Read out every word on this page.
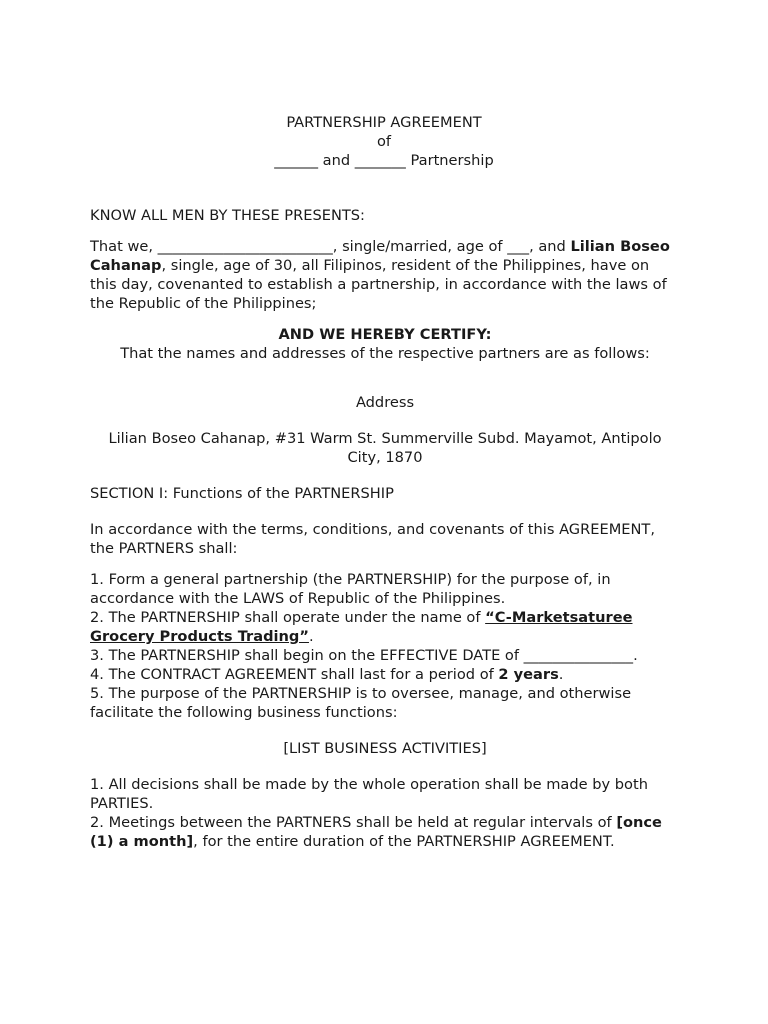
PARTNERSHIP AGREEMENT
of
______ and _______ Partnership

KNOW ALL MEN BY THESE PRESENTS:

That we, ________________________, single/married, age of ___, and Lilian Boseo Cahanap, single, age of 30, all Filipinos, resident of the Philippines, have on this day, covenanted to establish a partnership, in accordance with the laws of the Republic of the Philippines;

AND WE HEREBY CERTIFY:

That the names and addresses of the respective partners are as follows:

Address

Lilian Boseo Cahanap, #31 Warm St. Summerville Subd. Mayamot, Antipolo City, 1870

SECTION I: Functions of the PARTNERSHIP

In accordance with the terms, conditions, and covenants of this AGREEMENT, the PARTNERS shall:

1. Form a general partnership (the PARTNERSHIP) for the purpose of, in accordance with the LAWS of Republic of the Philippines.

2. The PARTNERSHIP shall operate under the name of “C-Marketsaturee Grocery Products Trading”.

3. The PARTNERSHIP shall begin on the EFFECTIVE DATE of _______________.

4. The CONTRACT AGREEMENT shall last for a period of 2 years.

5. The purpose of the PARTNERSHIP is to oversee, manage, and otherwise facilitate the following business functions:

[LIST BUSINESS ACTIVITIES]

1. All decisions shall be made by the whole operation shall be made by both PARTIES.

2. Meetings between the PARTNERS shall be held at regular intervals of [once (1) a month], for the entire duration of the PARTNERSHIP AGREEMENT.
